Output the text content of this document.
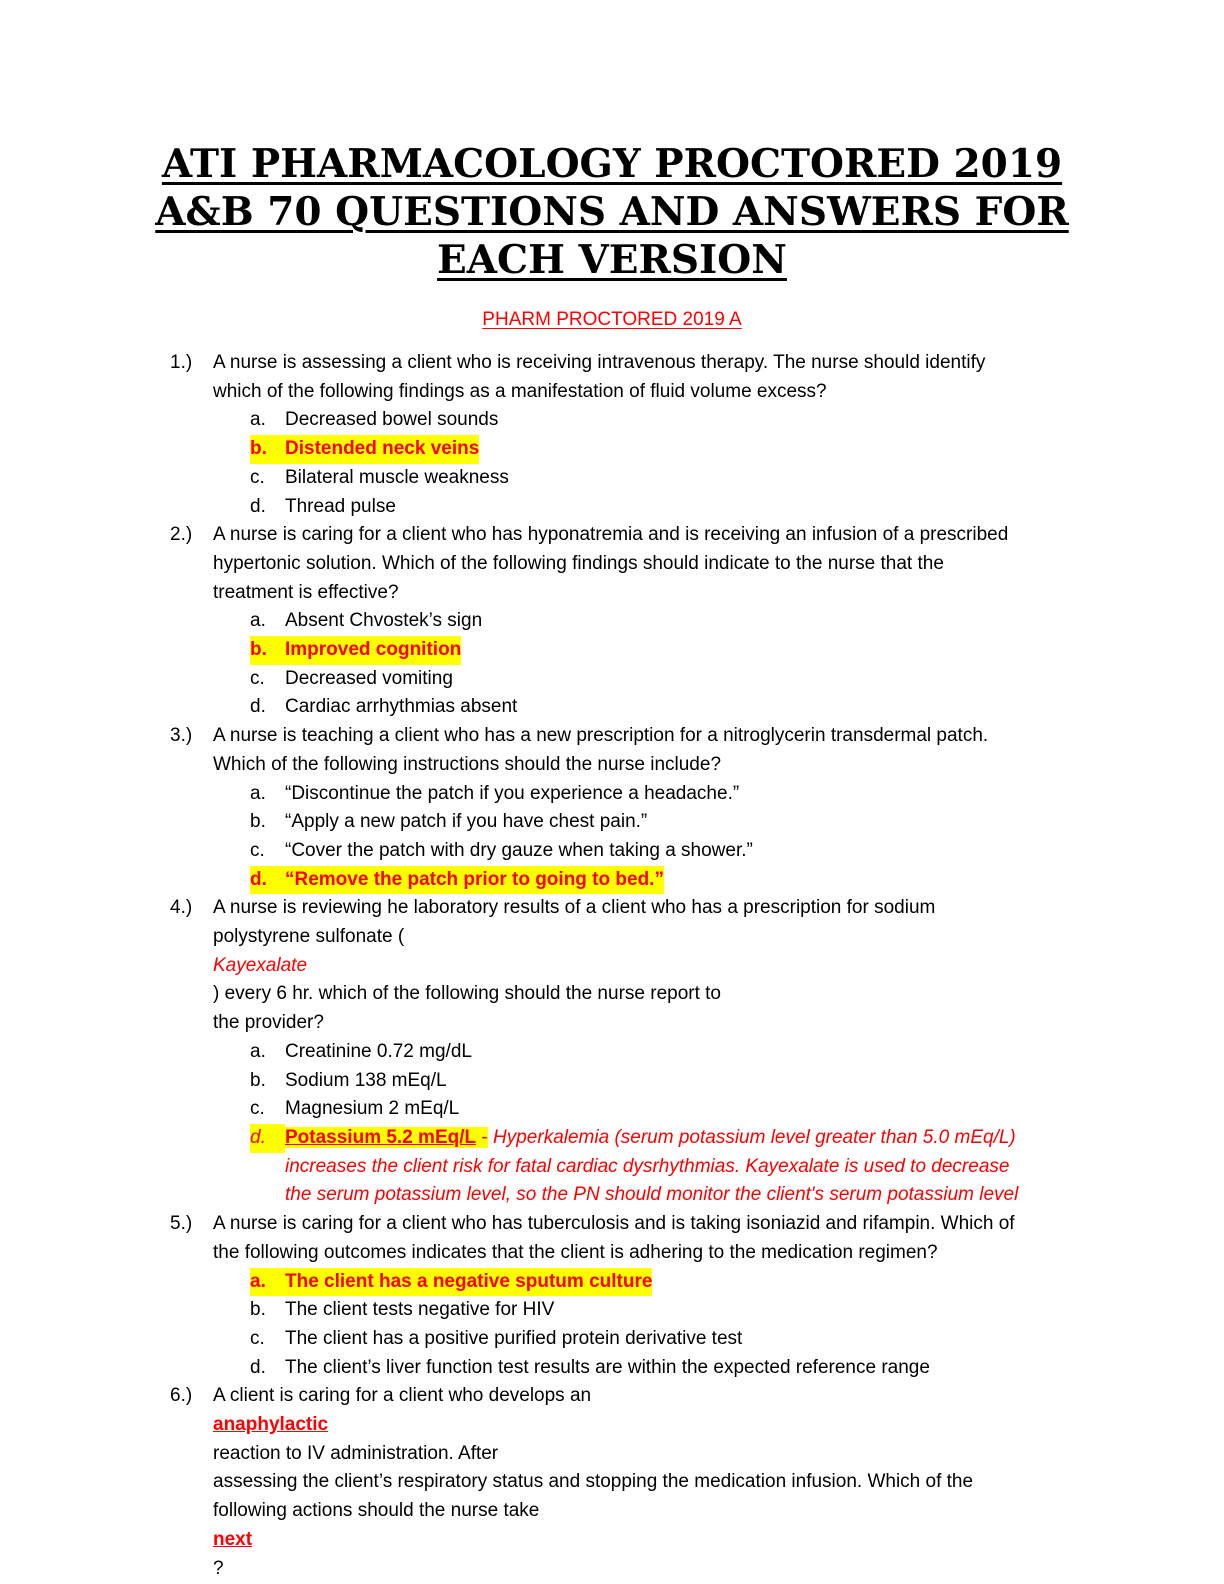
ATI PHARMACOLOGY PROCTORED 2019
A&B 70 QUESTIONS AND ANSWERS FOR
EACH VERSION
PHARM PROCTORED 2019 A
1.)	A nurse is assessing a client who is receiving intravenous therapy. The nurse should identify
which of the following findings as a manifestation of fluid volume excess?
a.	Decreased bowel sounds
b. Distended neck veins
c.	Bilateral muscle weakness
d.	Thread pulse
2.)	A nurse is caring for a client who has hyponatremia and is receiving an infusion of a prescribed
hypertonic solution. Which of the following findings should indicate to the nurse that the
treatment is effective?
a.	Absent Chvostek’s sign
b. Improved cognition
c.	Decreased vomiting
d.	Cardiac arrhythmias absent
3.)	A nurse is teaching a client who has a new prescription for a nitroglycerin transdermal patch.
Which of the following instructions should the nurse include?
a.	“Discontinue the patch if you experience a headache.”
b.	“Apply a new patch if you have chest pain.”
c.	“Cover the patch with dry gauze when taking a shower.”
d. “Remove the patch prior to going to bed.”
4.)	A nurse is reviewing he laboratory results of a client who has a prescription for sodium
polystyrene sulfonate (
Kayexalate
) every 6 hr. which of the following should the nurse report to
the provider?
a.	Creatinine 0.72 mg/dL
b.	Sodium 138 mEq/L
c.	Magnesium 2 mEq/L
d.	Potassium 5.2 mEq/L - Hyperkalemia (serum potassium level greater than 5.0 mEq/L)
increases the client risk for fatal cardiac dysrhythmias. Kayexalate is used to decrease
the serum potassium level, so the PN should monitor the client's serum potassium level
5.)	A nurse is caring for a client who has tuberculosis and is taking isoniazid and rifampin. Which of
the following outcomes indicates that the client is adhering to the medication regimen?
a. The client has a negative sputum culture
b.	The client tests negative for HIV
c.	The client has a positive purified protein derivative test
d.	The client’s liver function test results are within the expected reference range
6.)	A client is caring for a client who develops an
anaphylactic
reaction to IV administration. After
assessing the client’s respiratory status and stopping the medication infusion. Which of the
following actions should the nurse take
next
?
